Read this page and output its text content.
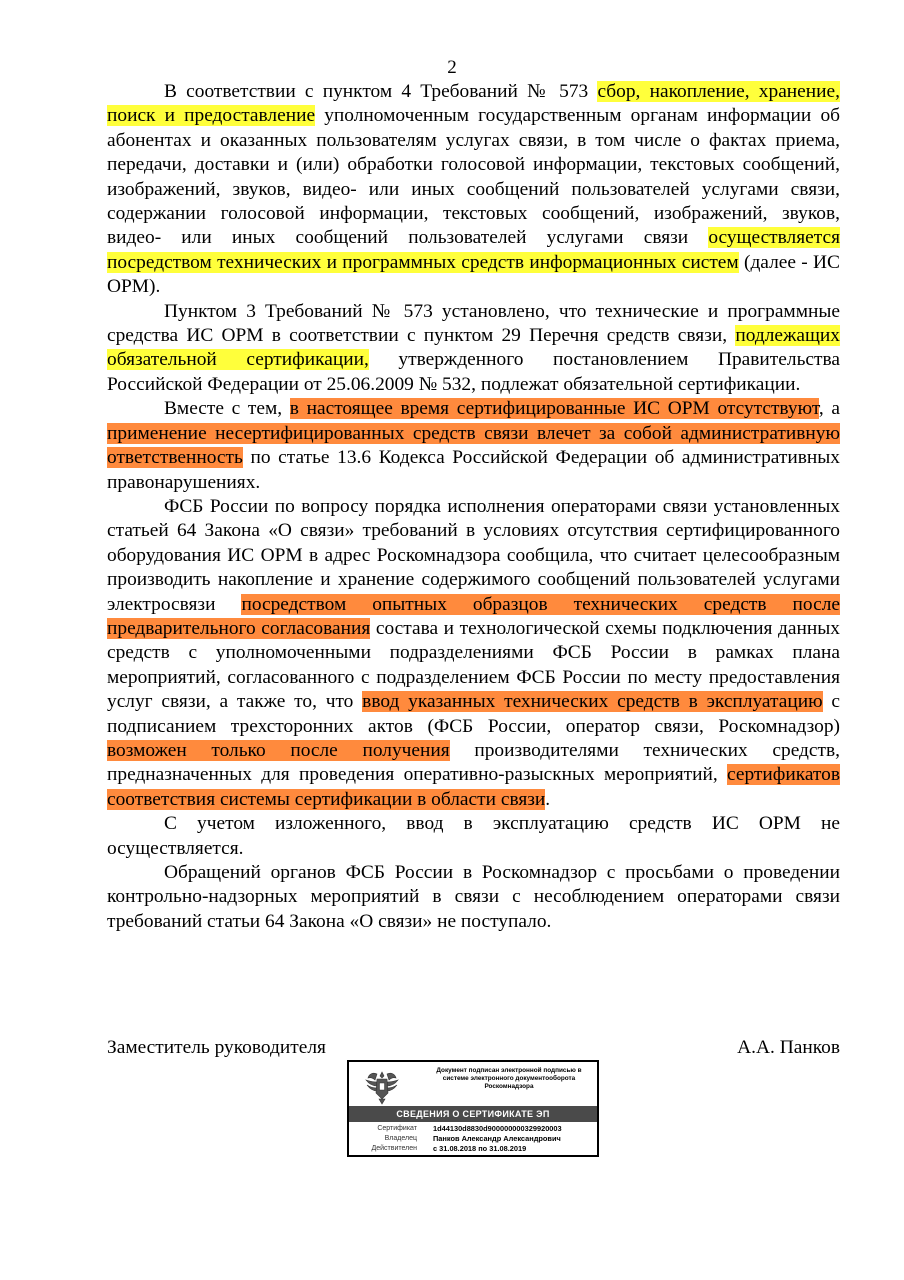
2

В соответствии с пунктом 4 Требований № 573 сбор, накопление, хранение, поиск и предоставление уполномоченным государственным органам информации об абонентах и оказанных пользователям услугах связи, в том числе о фактах приема, передачи, доставки и (или) обработки голосовой информации, текстовых сообщений, изображений, звуков, видео- или иных сообщений пользователей услугами связи, содержании голосовой информации, текстовых сообщений, изображений, звуков, видео- или иных сообщений пользователей услугами связи осуществляется посредством технических и программных средств информационных систем (далее - ИС ОРМ).

Пунктом 3 Требований № 573 установлено, что технические и программные средства ИС ОРМ в соответствии с пунктом 29 Перечня средств связи, подлежащих обязательной сертификации, утвержденного постановлением Правительства Российской Федерации от 25.06.2009 № 532, подлежат обязательной сертификации.

Вместе с тем, в настоящее время сертифицированные ИС ОРМ отсутствуют, а применение несертифицированных средств связи влечет за собой административную ответственность по статье 13.6 Кодекса Российской Федерации об административных правонарушениях.

ФСБ России по вопросу порядка исполнения операторами связи установленных статьей 64 Закона «О связи» требований в условиях отсутствия сертифицированного оборудования ИС ОРМ в адрес Роскомнадзора сообщила, что считает целесообразным производить накопление и хранение содержимого сообщений пользователей услугами электросвязи посредством опытных образцов технических средств после предварительного согласования состава и технологической схемы подключения данных средств с уполномоченными подразделениями ФСБ России в рамках плана мероприятий, согласованного с подразделением ФСБ России по месту предоставления услуг связи, а также то, что ввод указанных технических средств в эксплуатацию с подписанием трехсторонних актов (ФСБ России, оператор связи, Роскомнадзор) возможен только после получения производителями технических средств, предназначенных для проведения оперативно-разыскных мероприятий, сертификатов соответствия системы сертификации в области связи.

С учетом изложенного, ввод в эксплуатацию средств ИС ОРМ не осуществляется.

Обращений органов ФСБ России в Роскомнадзор с просьбами о проведении контрольно-надзорных мероприятий в связи с несоблюдением операторами связи требований статьи 64 Закона «О связи» не поступало.

Заместитель руководителя	А.А. Панков
Документ подписан электронной подписью в системе электронного документооборота Роскомнадзора
СВЕДЕНИЯ О СЕРТИФИКАТЕ ЭП
Сертификат 1d44130d8830d900000000329920003
Владелец Панков Александр Александрович
Действителен с 31.08.2018 по 31.08.2019
